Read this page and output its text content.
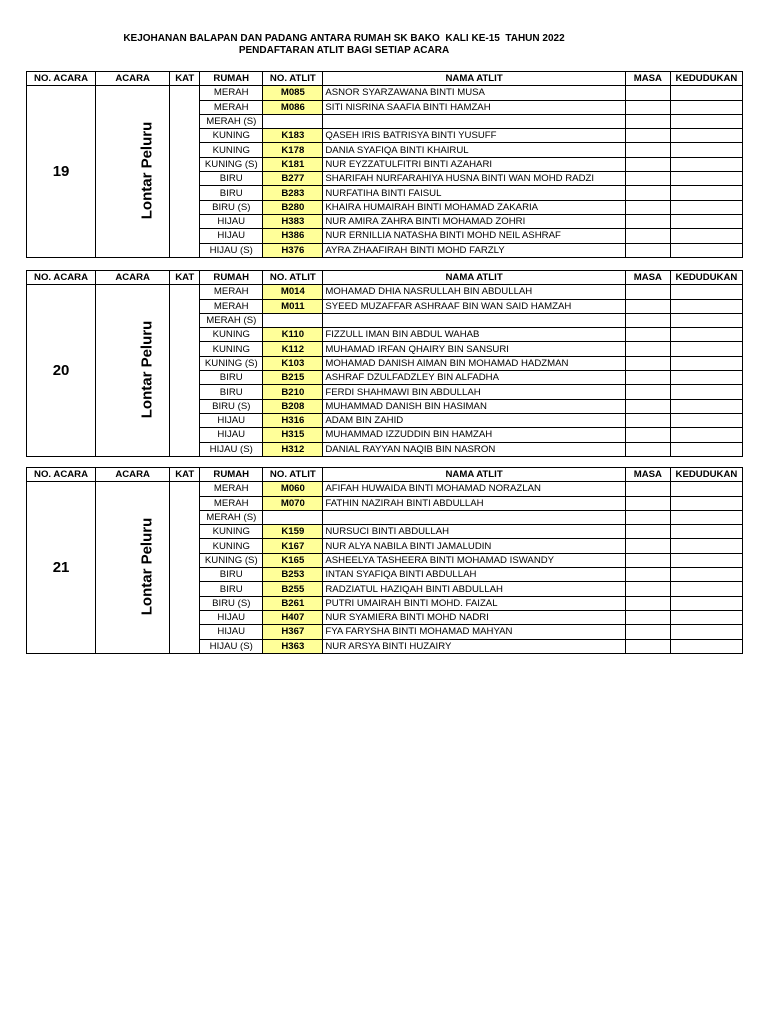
KEJOHANAN BALAPAN DAN PADANG ANTARA RUMAH SK BAKO  KALI KE-15  TAHUN 2022
PENDAFTARAN ATLIT BAGI SETIAP ACARA
NO. ACARA	ACARA	KAT	RUMAH	NO. ATLIT	NAMA ATLIT	MASA	KEDUDUKAN
19	Lontar Peluru		MERAH	M085	ASNOR SYARZAWANA BINTI MUSA		
			MERAH	M086	SITI NISRINA SAAFIA BINTI HAMZAH		
			MERAH (S)				
			KUNING	K183	QASEH IRIS BATRISYA BINTI YUSUFF		
			KUNING	K178	DANIA SYAFIQA BINTI KHAIRUL		
			KUNING (S)	K181	NUR EYZZATULFITRI BINTI AZAHARI		
			BIRU	B277	SHARIFAH NURFARAHIYA HUSNA BINTI WAN MOHD RADZI		
			BIRU	B283	NURFATIHA BINTI FAISUL		
			BIRU (S)	B280	KHAIRA HUMAIRAH BINTI MOHAMAD ZAKARIA		
			HIJAU	H383	NUR AMIRA ZAHRA BINTI MOHAMAD ZOHRI		
			HIJAU	H386	NUR ERNILLIA NATASHA BINTI MOHD NEIL ASHRAF		
			HIJAU (S)	H376	AYRA ZHAAFIRAH BINTI MOHD FARZLY		
NO. ACARA	ACARA	KAT	RUMAH	NO. ATLIT	NAMA ATLIT	MASA	KEDUDUKAN
20	Lontar Peluru		MERAH	M014	MOHAMAD DHIA NASRULLAH BIN ABDULLAH		
			MERAH	M011	SYEED MUZAFFAR ASHRAAF BIN WAN SAID HAMZAH		
			MERAH (S)				
			KUNING	K110	FIZZULL IMAN BIN ABDUL WAHAB		
			KUNING	K112	MUHAMAD IRFAN QHAIRY BIN SANSURI		
			KUNING (S)	K103	MOHAMAD DANISH AIMAN BIN MOHAMAD HADZMAN		
			BIRU	B215	ASHRAF DZULFADZLEY BIN ALFADHA		
			BIRU	B210	FERDI SHAHMAWI BIN ABDULLAH		
			BIRU (S)	B208	MUHAMMAD DANISH BIN HASIMAN		
			HIJAU	H316	ADAM BIN ZAHID		
			HIJAU	H315	MUHAMMAD IZZUDDIN BIN HAMZAH		
			HIJAU (S)	H312	DANIAL RAYYAN NAQIB BIN NASRON		
NO. ACARA	ACARA	KAT	RUMAH	NO. ATLIT	NAMA ATLIT	MASA	KEDUDUKAN
21	Lontar Peluru		MERAH	M060	AFIFAH HUWAIDA BINTI MOHAMAD NORAZLAN		
			MERAH	M070	FATHIN NAZIRAH BINTI ABDULLAH		
			MERAH (S)				
			KUNING	K159	NURSUCI BINTI ABDULLAH		
			KUNING	K167	NUR ALYA NABILA BINTI JAMALUDIN		
			KUNING (S)	K165	ASHEELYA TASHEERA BINTI MOHAMAD ISWANDY		
			BIRU	B253	INTAN SYAFIQA BINTI ABDULLAH		
			BIRU	B255	RADZIATUL HAZIQAH BINTI ABDULLAH		
			BIRU (S)	B261	PUTRI UMAIRAH BINTI MOHD. FAIZAL		
			HIJAU	H407	NUR SYAMIERA BINTI MOHD NADRI		
			HIJAU	H367	FYA FARYSHA BINTI MOHAMAD MAHYAN		
			HIJAU (S)	H363	NUR ARSYA BINTI HUZAIRY		
